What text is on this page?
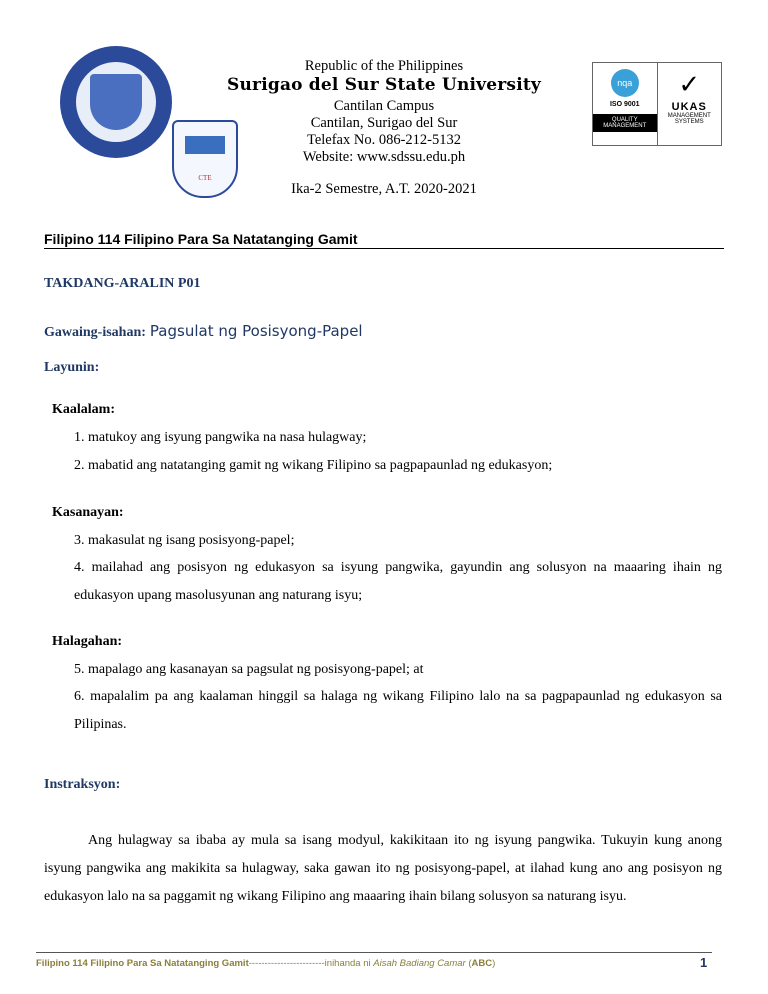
CTE
nqa
ISO 9001
QUALITY MANAGEMENT
✓
UKAS
MANAGEMENT SYSTEMS
Republic of the Philippines
Surigao del Sur State University
Cantilan Campus
Cantilan, Surigao del Sur
Telefax No. 086-212-5132
Website: www.sdssu.edu.ph
Ika-2 Semestre, A.T. 2020-2021
Filipino 114 Filipino Para Sa Natatanging Gamit
TAKDANG-ARALIN P01
Gawaing-isahan: Pagsulat ng Posisyong-Papel
Layunin:
Kaalalam:
1. matukoy ang isyung pangwika na nasa hulagway;
2. mabatid ang natatanging gamit ng wikang Filipino sa pagpapaunlad ng edukasyon;
Kasanayan:
3. makasulat ng isang posisyong-papel;
4. mailahad ang posisyon ng edukasyon sa isyung pangwika, gayundin ang solusyon na maaaring ihain ng edukasyon upang masolusyunan ang naturang isyu;
Halagahan:
5. mapalago ang kasanayan sa pagsulat ng posisyong-papel; at
6. mapalalim pa ang kaalaman hinggil sa halaga ng wikang Filipino lalo na sa pagpapaunlad ng edukasyon sa Pilipinas.
Instraksyon:
Ang hulagway sa ibaba ay mula sa isang modyul, kakikitaan ito ng isyung pangwika. Tukuyin kung anong isyung pangwika ang makikita sa hulagway, saka gawan ito ng posisyong-papel, at ilahad kung ano ang posisyon ng edukasyon lalo na sa paggamit ng wikang Filipino ang maaaring ihain bilang solusyon sa naturang isyu.
Filipino 114 Filipino Para Sa Natatanging Gamit------------------------inihanda ni Aisah Badiang Camar (ABC)	1
